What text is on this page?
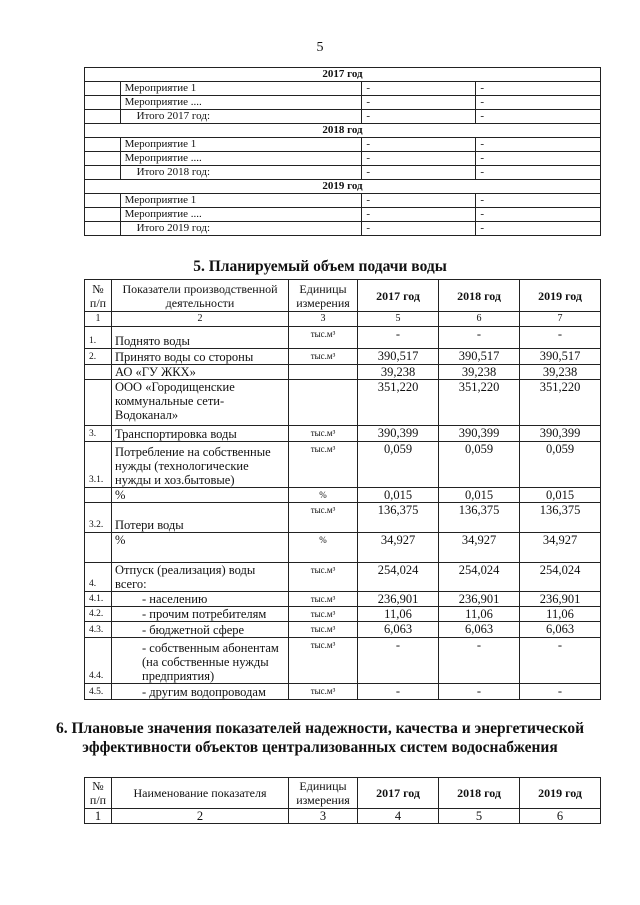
5
2017 год			
	Мероприятие 1	-	-
	Мероприятие ....	-	-
	Итого 2017 год:	-	-
2018 год			
	Мероприятие 1	-	-
	Мероприятие ....	-	-
	Итого 2018 год:	-	-
2019 год			
	Мероприятие 1	-	-
	Мероприятие ....	-	-
	Итого 2019 год:	-	-
5. Планируемый объем подачи воды
№ п/п	Показатели производственной деятельности	Единицы измерения	2017 год	2018 год	2019 год
1	2	3	5	6	7
1.	Поднято воды	тыс.м³	-	-	-
2.	Принято воды со стороны	тыс.м³	390,517	390,517	390,517
	АО «ГУ ЖКХ»		39,238	39,238	39,238
	ООО «Городищенские коммунальные сети-Водоканал»		351,220	351,220	351,220
3.	Транспортировка воды	тыс.м³	390,399	390,399	390,399
3.1.	Потребление на собственные нужды (технологические нужды и хоз.бытовые)	тыс.м³	0,059	0,059	0,059
	%	%	0,015	0,015	0,015
3.2.	Потери воды	тыс.м³	136,375	136,375	136,375
	%	%	34,927	34,927	34,927
4.	Отпуск (реализация) воды всего:	тыс.м³	254,024	254,024	254,024
4.1.	- населению	тыс.м³	236,901	236,901	236,901
4.2.	- прочим потребителям	тыс.м³	11,06	11,06	11,06
4.3.	- бюджетной сфере	тыс.м³	6,063	6,063	6,063
4.4.	- собственным абонентам (на собственные нужды предприятия)	тыс.м³	-	-	-
4.5.	- другим водопроводам	тыс.м³	-	-	-
6. Плановые значения показателей надежности, качества и энергетической эффективности объектов централизованных систем водоснабжения
№ п/п	Наименование показателя	Единицы измерения	2017 год	2018 год	2019 год
1	2	3	4	5	6
